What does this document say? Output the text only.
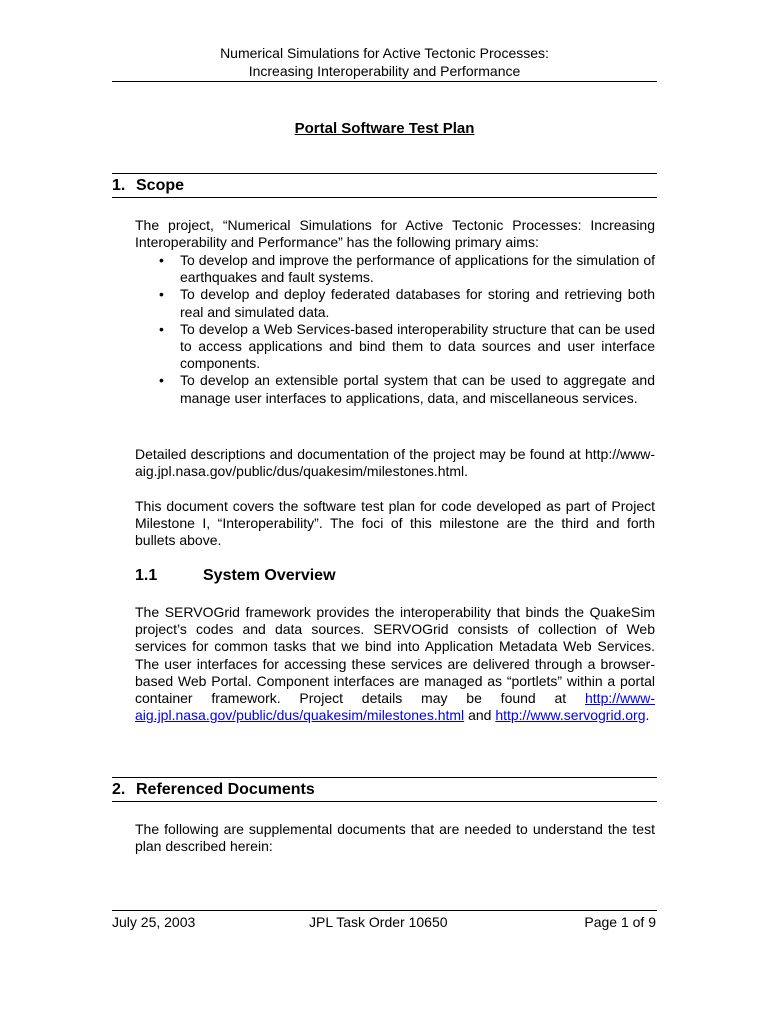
Numerical Simulations for Active Tectonic Processes:
Increasing Interoperability and Performance
Portal Software Test Plan
1. Scope
The project, “Numerical Simulations for Active Tectonic Processes: Increasing Interoperability and Performance” has the following primary aims:
• To develop and improve the performance of applications for the simulation of earthquakes and fault systems.
• To develop and deploy federated databases for storing and retrieving both real and simulated data.
• To develop a Web Services-based interoperability structure that can be used to access applications and bind them to data sources and user interface components.
• To develop an extensible portal system that can be used to aggregate and manage user interfaces to applications, data, and miscellaneous services.
Detailed descriptions and documentation of the project may be found at http://www-aig.jpl.nasa.gov/public/dus/quakesim/milestones.html.
This document covers the software test plan for code developed as part of Project Milestone I, “Interoperability”. The foci of this milestone are the third and forth bullets above.
1.1	System Overview
The SERVOGrid framework provides the interoperability that binds the QuakeSim project’s codes and data sources. SERVOGrid consists of collection of Web services for common tasks that we bind into Application Metadata Web Services. The user interfaces for accessing these services are delivered through a browser-based Web Portal. Component interfaces are managed as “portlets” within a portal container framework. Project details may be found at http://www-aig.jpl.nasa.gov/public/dus/quakesim/milestones.html and http://www.servogrid.org.
2. Referenced Documents
The following are supplemental documents that are needed to understand the test plan described herein:
July 25, 2003	JPL Task Order 10650	Page 1 of 9
